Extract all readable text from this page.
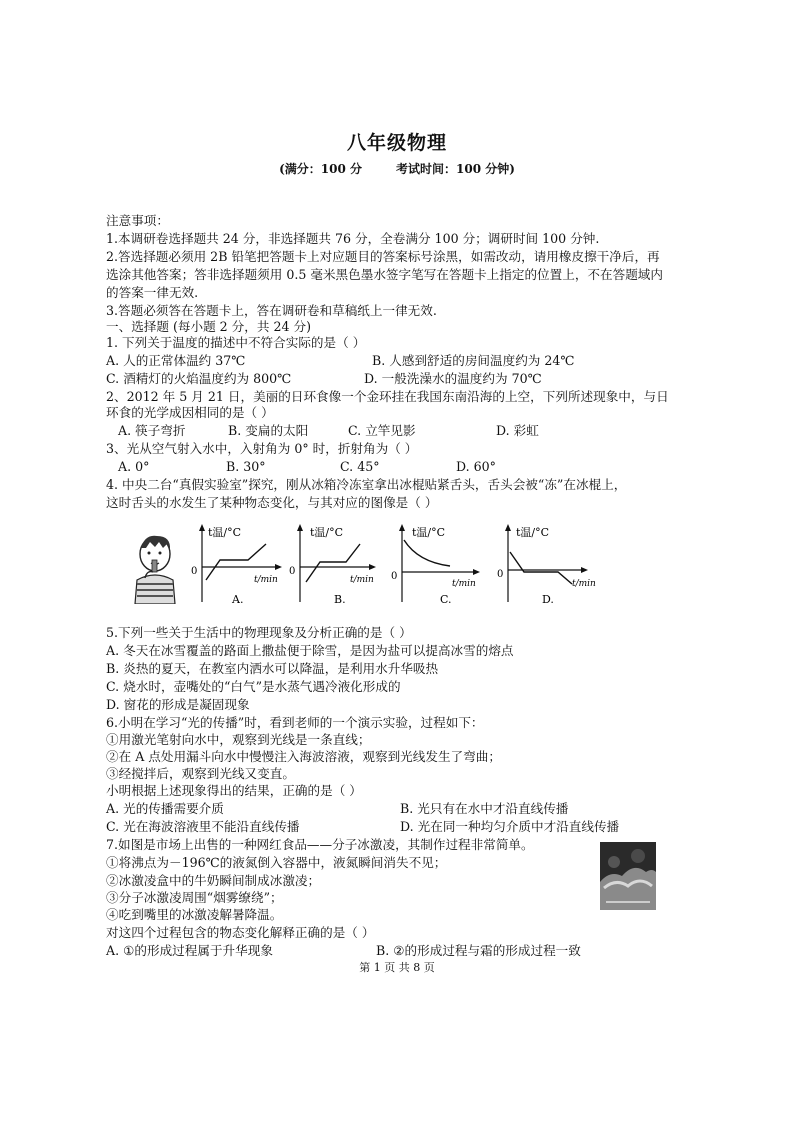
八年级物理
(满分：100 分	考试时间：100 分钟)
注意事项：
1.本调研卷选择题共 24 分，非选择题共 76 分，全卷满分 100 分；调研时间 100 分钟.
2.答选择题必须用 2B 铅笔把答题卡上对应题目的答案标号涂黑，如需改动，请用橡皮擦干净后，再
选涂其他答案；答非选择题须用 0.5 毫米黑色墨水签字笔写在答题卡上指定的位置上，不在答题域内
的答案一律无效.
3.答题必须答在答题卡上，答在调研卷和草稿纸上一律无效.
一、选择题 (每小题 2 分，共 24 分)
1. 下列关于温度的描述中不符合实际的是（ ）
A. 人的正常体温约 37℃	B. 人感到舒适的房间温度约为 24℃
C. 酒精灯的火焰温度约为 800℃	D. 一般洗澡水的温度约为 70℃
2、2012 年 5 月 21 日，美丽的日环食像一个金环挂在我国东南沿海的上空，下列所述现象中，与日
环食的光学成因相同的是（ ）
A. 筷子弯折	B. 变扁的太阳	C. 立竿见影	D. 彩虹
3、光从空气射入水中，入射角为 0° 时，折射角为（ ）
A. 0°	B. 30°	C. 45°	D. 60°
4. 中央二台“真假实验室”探究，刚从冰箱冷冻室拿出冰棍贴紧舌头，舌头会被“冻”在冰棍上，
这时舌头的水发生了某种物态变化，与其对应的图像是（ ）
t温/°C
0
t/min
A.
t温/°C
0
t/min
B.
t温/°C
0
t/min
C.
t温/°C
0
t/min
D.
5.下列一些关于生活中的物理现象及分析正确的是（ ）
A. 冬天在冰雪覆盖的路面上撒盐便于除雪，是因为盐可以提高冰雪的熔点
B. 炎热的夏天，在教室内洒水可以降温，是利用水升华吸热
C. 烧水时，壶嘴处的“白气”是水蒸气遇冷液化形成的
D. 窗花的形成是凝固现象
6.小明在学习“光的传播”时，看到老师的一个演示实验，过程如下：
①用激光笔射向水中，观察到光线是一条直线；
②在 A 点处用漏斗向水中慢慢注入海波溶液，观察到光线发生了弯曲；
③经搅拌后，观察到光线又变直。
小明根据上述现象得出的结果，正确的是（ ）
A. 光的传播需要介质	B. 光只有在水中才沿直线传播
C. 光在海波溶液里不能沿直线传播	D. 光在同一种均匀介质中才沿直线传播
7.如图是市场上出售的一种网红食品——分子冰激凌，其制作过程非常简单。
①将沸点为－196℃的液氮倒入容器中，液氮瞬间消失不见；
②冰激凌盒中的牛奶瞬间制成冰激凌；
③分子冰激凌周围“烟雾缭绕”；
④吃到嘴里的冰激凌解暑降温。
对这四个过程包含的物态变化解释正确的是（ ）
A. ①的形成过程属于升华现象	B. ②的形成过程与霜的形成过程一致
第 1 页 共 8 页
